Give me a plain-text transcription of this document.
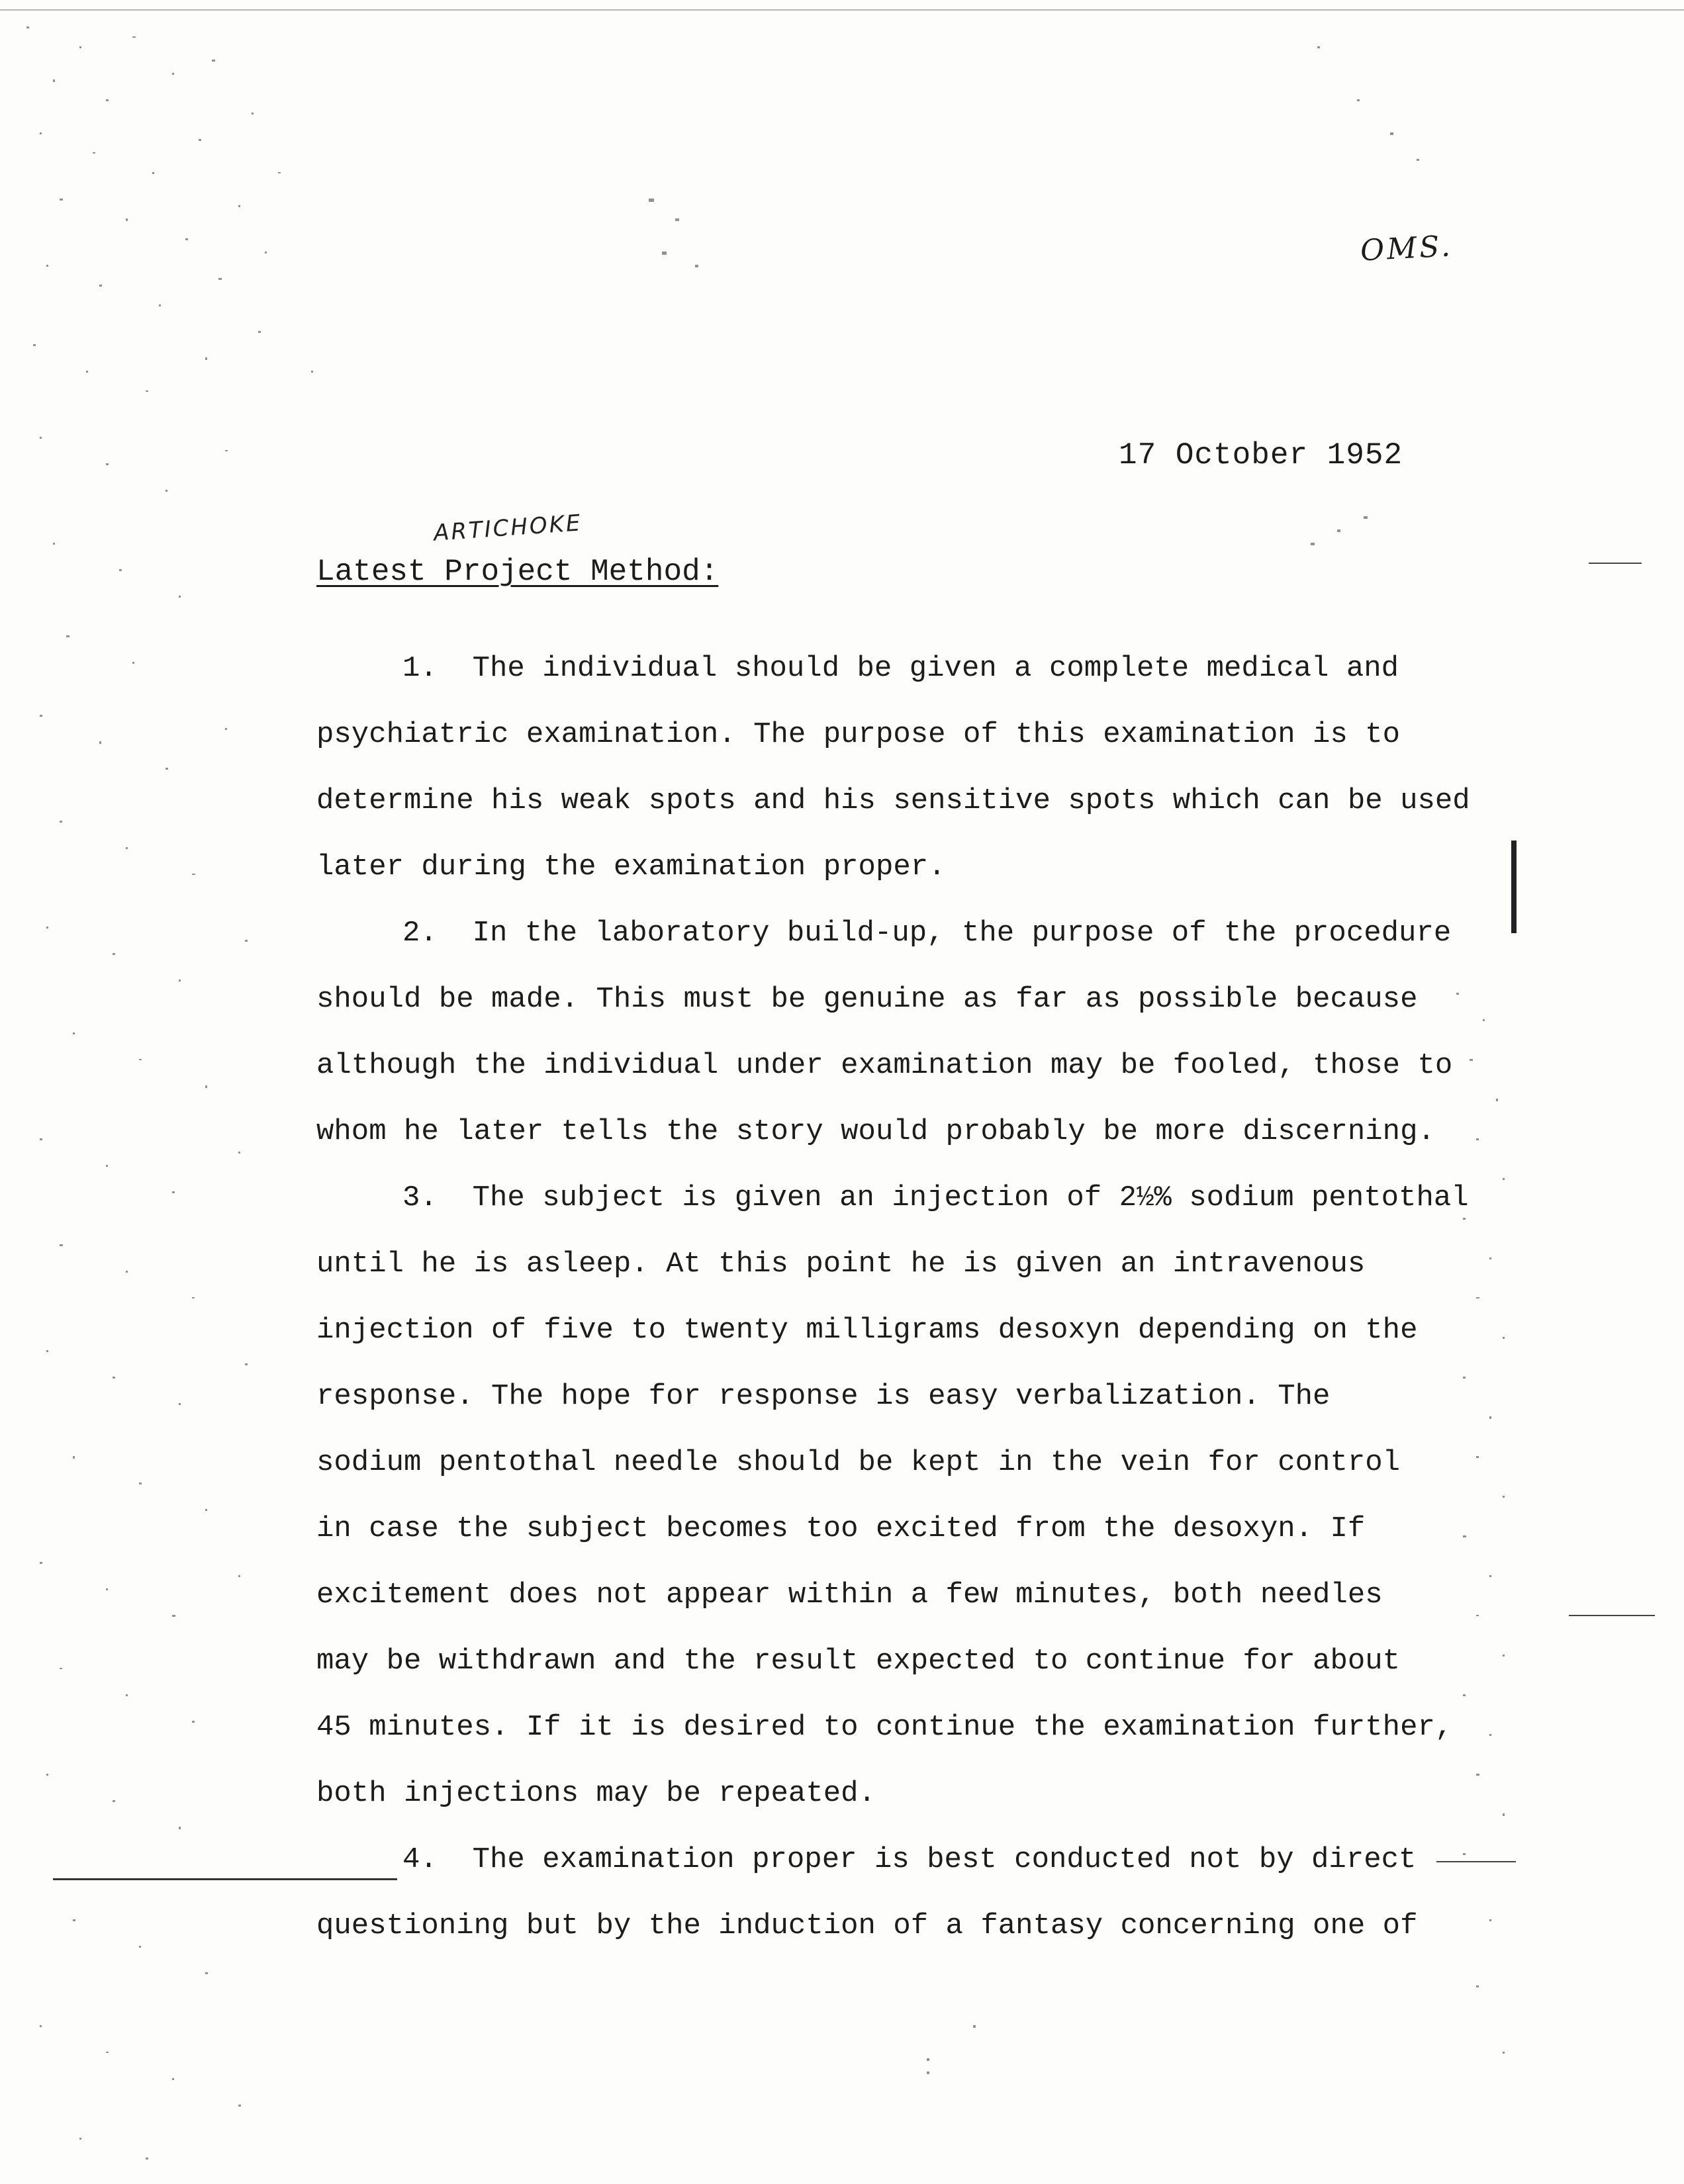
OMS.
17 October 1952
ARTICHOKE
Latest Project Method:
1. The individual should be given a complete medical and
psychiatric examination. The purpose of this examination is to
determine his weak spots and his sensitive spots which can be used
later during the examination proper.
2. In the laboratory build-up, the purpose of the procedure
should be made. This must be genuine as far as possible because
although the individual under examination may be fooled, those to
whom he later tells the story would probably be more discerning.
3. The subject is given an injection of 2½% sodium pentothal
until he is asleep. At this point he is given an intravenous
injection of five to twenty milligrams desoxyn depending on the
response. The hope for response is easy verbalization. The
sodium pentothal needle should be kept in the vein for control
in case the subject becomes too excited from the desoxyn. If
excitement does not appear within a few minutes, both needles
may be withdrawn and the result expected to continue for about
45 minutes. If it is desired to continue the examination further,
both injections may be repeated.
4. The examination proper is best conducted not by direct
questioning but by the induction of a fantasy concerning one of
